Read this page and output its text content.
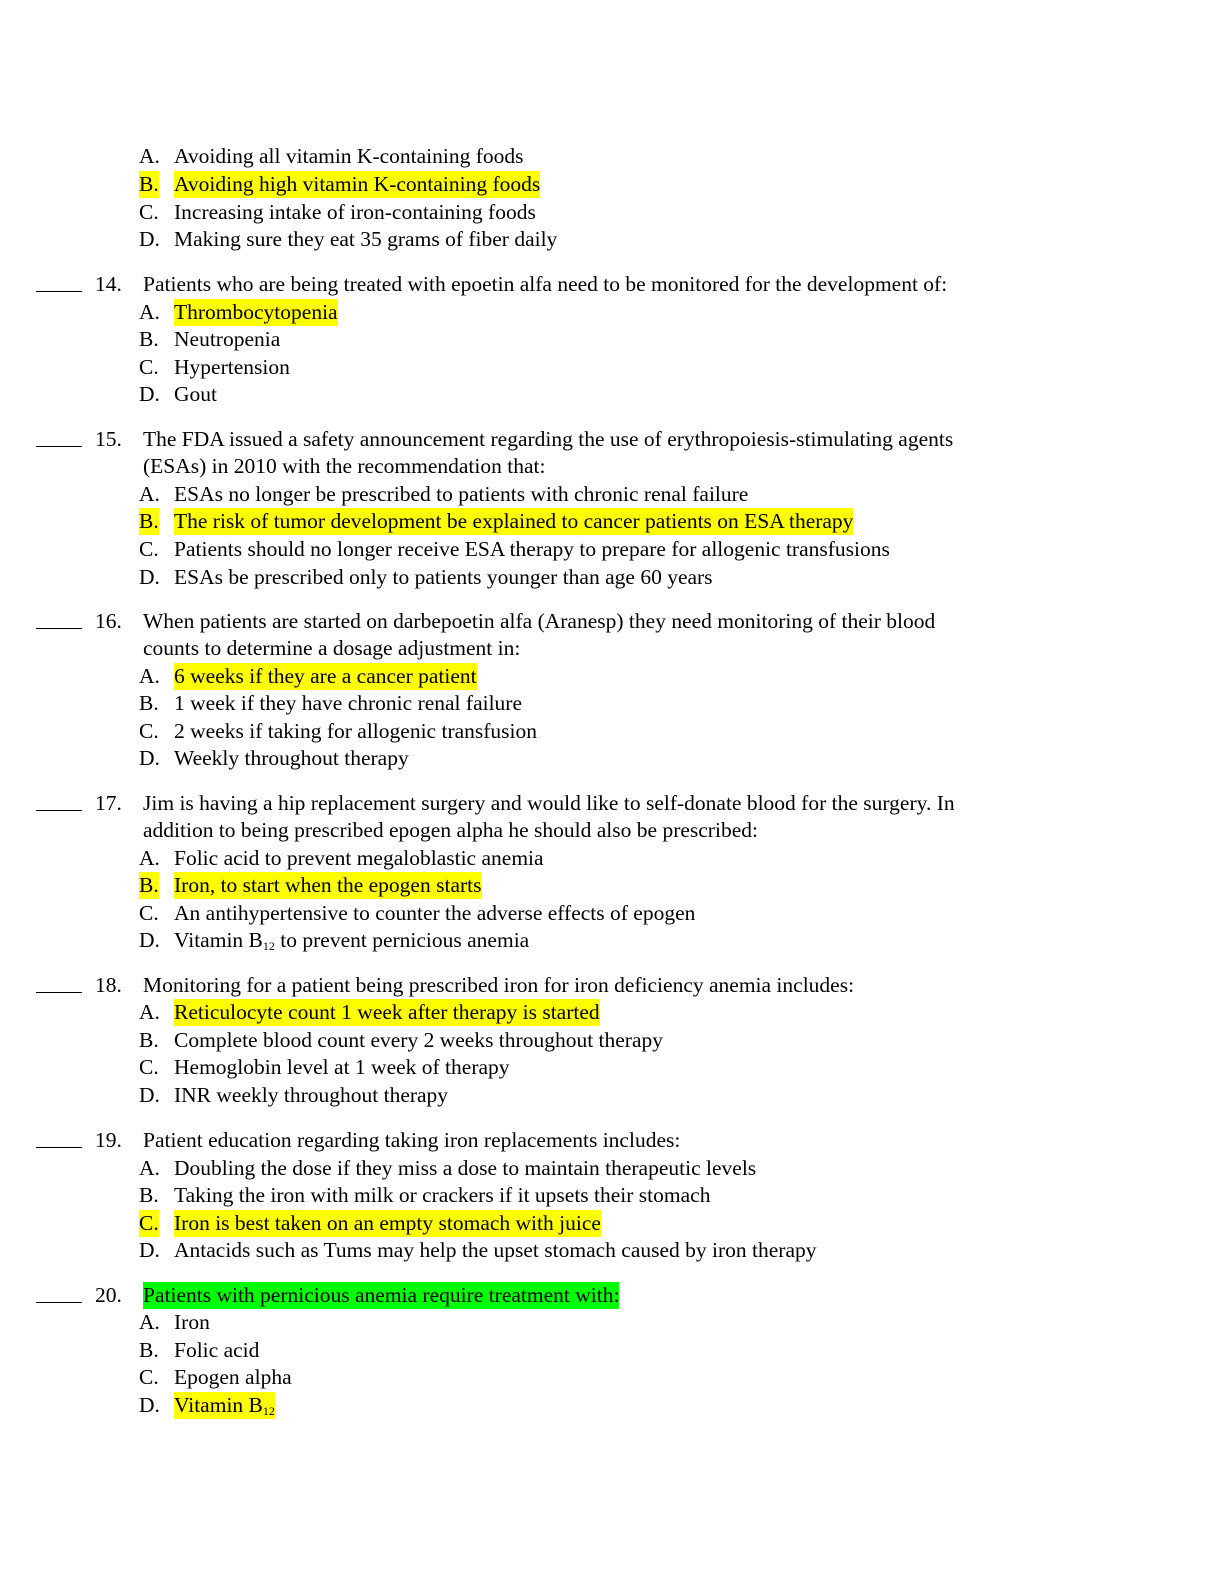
A. Avoiding all vitamin K-containing foods
B. Avoiding high vitamin K-containing foods
C. Increasing intake of iron-containing foods
D. Making sure they eat 35 grams of fiber daily
14. Patients who are being treated with epoetin alfa need to be monitored for the development of:
A. Thrombocytopenia
B. Neutropenia
C. Hypertension
D. Gout
15. The FDA issued a safety announcement regarding the use of erythropoiesis-stimulating agents
(ESAs) in 2010 with the recommendation that:
A. ESAs no longer be prescribed to patients with chronic renal failure
B. The risk of tumor development be explained to cancer patients on ESA therapy
C. Patients should no longer receive ESA therapy to prepare for allogenic transfusions
D. ESAs be prescribed only to patients younger than age 60 years
16. When patients are started on darbepoetin alfa (Aranesp) they need monitoring of their blood
counts to determine a dosage adjustment in:
A. 6 weeks if they are a cancer patient
B. 1 week if they have chronic renal failure
C. 2 weeks if taking for allogenic transfusion
D. Weekly throughout therapy
17. Jim is having a hip replacement surgery and would like to self-donate blood for the surgery. In
addition to being prescribed epogen alpha he should also be prescribed:
A. Folic acid to prevent megaloblastic anemia
B. Iron, to start when the epogen starts
C. An antihypertensive to counter the adverse effects of epogen
D. Vitamin $B_{12}$ to prevent pernicious anemia
18. Monitoring for a patient being prescribed iron for iron deficiency anemia includes:
A. Reticulocyte count 1 week after therapy is started
B. Complete blood count every 2 weeks throughout therapy
C. Hemoglobin level at 1 week of therapy
D. INR weekly throughout therapy
19. Patient education regarding taking iron replacements includes:
A. Doubling the dose if they miss a dose to maintain therapeutic levels
B. Taking the iron with milk or crackers if it upsets their stomach
C. Iron is best taken on an empty stomach with juice
D. Antacids such as Tums may help the upset stomach caused by iron therapy
20. Patients with pernicious anemia require treatment with:
A. Iron
B. Folic acid
C. Epogen alpha
D. Vitamin $B_{12}$
